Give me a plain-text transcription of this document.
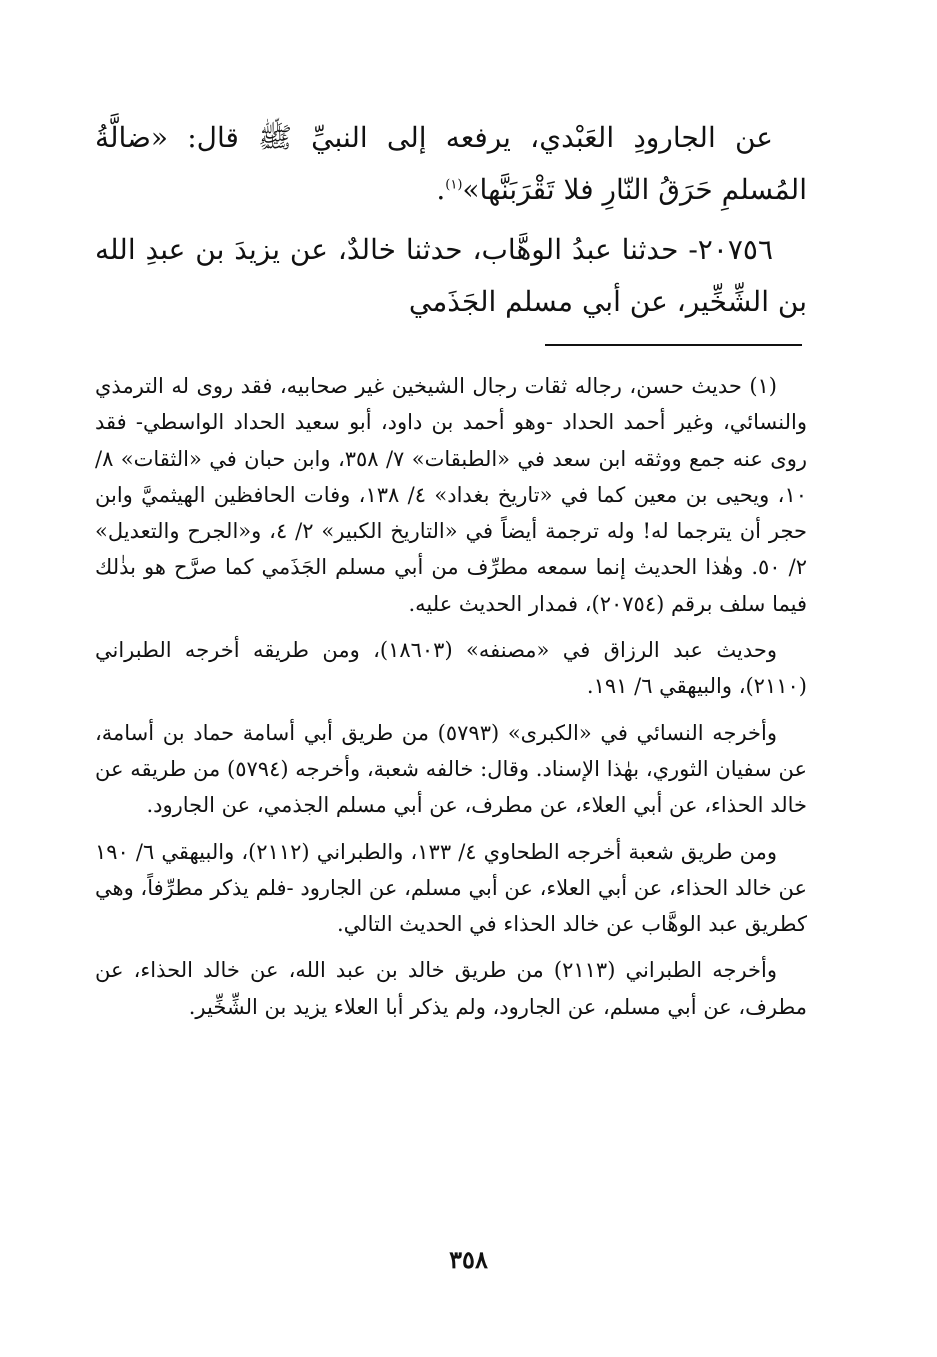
عن الجارودِ العَبْدي، يرفعه إلى النبيِّ ﷺ قال: «ضالَّةُ المُسلمِ حَرَقُ النّارِ فلا تَقْرَبَنَّها»$^{(١)}$.

٢٠٧٥٦- حدثنا عبدُ الوهَّاب، حدثنا خالدٌ، عن يزيدَ بن عبدِ الله بن الشِّخِّير، عن أبي مسلم الجَذَمي

(١) حديث حسن، رجاله ثقات رجال الشيخين غير صحابيه، فقد روى له الترمذي والنسائي، وغير أحمد الحداد -وهو أحمد بن داود، أبو سعيد الحداد الواسطي- فقد روى عنه جمع ووثقه ابن سعد في «الطبقات» ٧/ ٣٥٨، وابن حبان في «الثقات» ٨/ ١٠، ويحيى بن معين كما في «تاريخ بغداد» ٤/ ١٣٨، وفات الحافظين الهيثميَّ وابن حجر أن يترجما له! وله ترجمة أيضاً في «التاريخ الكبير» ٢/ ٤، و«الجرح والتعديل» ٢/ ٥٠. وهٰذا الحديث إنما سمعه مطرِّف من أبي مسلم الجَذَمي كما صرَّح هو بذٰلك فيما سلف برقم (٢٠٧٥٤)، فمدار الحديث عليه.

وحديث عبد الرزاق في «مصنفه» (١٨٦٠٣)، ومن طريقه أخرجه الطبراني (٢١١٠)، والبيهقي ٦/ ١٩١.

وأخرجه النسائي في «الكبرى» (٥٧٩٣) من طريق أبي أسامة حماد بن أسامة، عن سفيان الثوري، بهٰذا الإسناد. وقال: خالفه شعبة، وأخرجه (٥٧٩٤) من طريقه عن خالد الحذاء، عن أبي العلاء، عن مطرف، عن أبي مسلم الجذمي، عن الجارود.

ومن طريق شعبة أخرجه الطحاوي ٤/ ١٣٣، والطبراني (٢١١٢)، والبيهقي ٦/ ١٩٠ عن خالد الحذاء، عن أبي العلاء، عن أبي مسلم، عن الجارود -فلم يذكر مطرِّفاً، وهي كطريق عبد الوهَّاب عن خالد الحذاء في الحديث التالي.

وأخرجه الطبراني (٢١١٣) من طريق خالد بن عبد الله، عن خالد الحذاء، عن مطرف، عن أبي مسلم، عن الجارود، ولم يذكر أبا العلاء يزيد بن الشِّخِّير.

٣٥٨
